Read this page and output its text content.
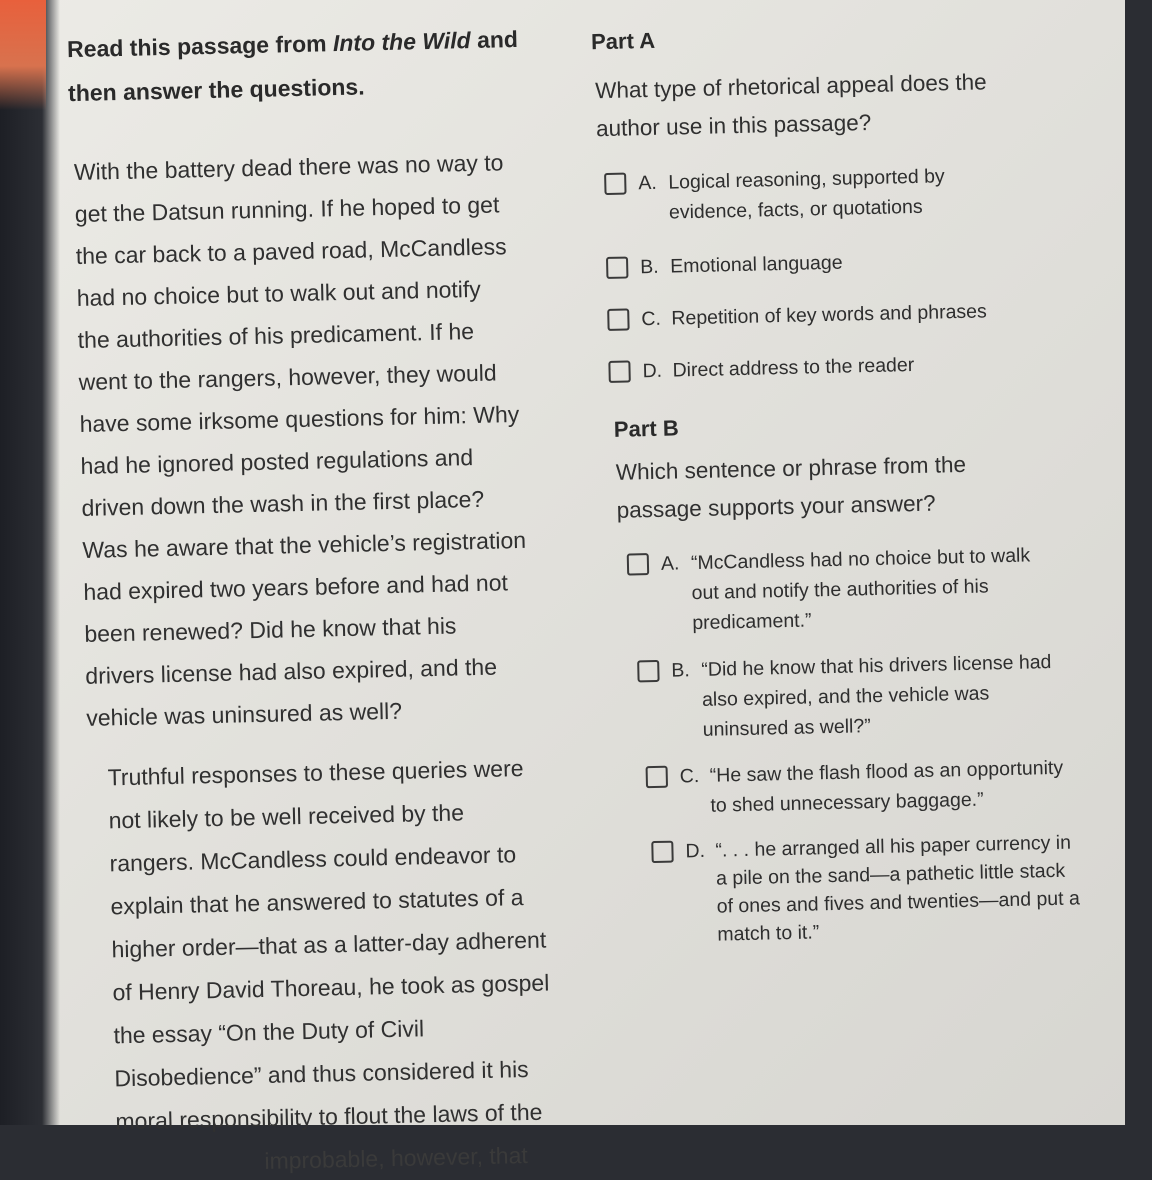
Read this passage from Into the Wild and
then answer the questions.
With the battery dead there was no way to
get the Datsun running. If he hoped to get
the car back to a paved road, McCandless
had no choice but to walk out and notify
the authorities of his predicament. If he
went to the rangers, however, they would
have some irksome questions for him: Why
had he ignored posted regulations and
driven down the wash in the first place?
Was he aware that the vehicle’s registration
had expired two years before and had not
been renewed? Did he know that his
drivers license had also expired, and the
vehicle was uninsured as well?
Truthful responses to these queries were
not likely to be well received by the
rangers. McCandless could endeavor to
explain that he answered to statutes of a
higher order—that as a latter-day adherent
of Henry David Thoreau, he took as gospel
the essay “On the Duty of Civil
Disobedience” and thus considered it his
moral responsibility to flout the laws of the
improbable, however, that
Part A
What type of rhetorical appeal does the
author use in this passage?
A. Logical reasoning, supported by
evidence, facts, or quotations
B. Emotional language
C. Repetition of key words and phrases
D. Direct address to the reader
Part B
Which sentence or phrase from the
passage supports your answer?
A. “McCandless had no choice but to walk
out and notify the authorities of his
predicament.”
B. “Did he know that his drivers license had
also expired, and the vehicle was
uninsured as well?”
C. “He saw the flash flood as an opportunity
to shed unnecessary baggage.”
D. “. . . he arranged all his paper currency in
a pile on the sand—a pathetic little stack
of ones and fives and twenties—and put a
match to it.”
